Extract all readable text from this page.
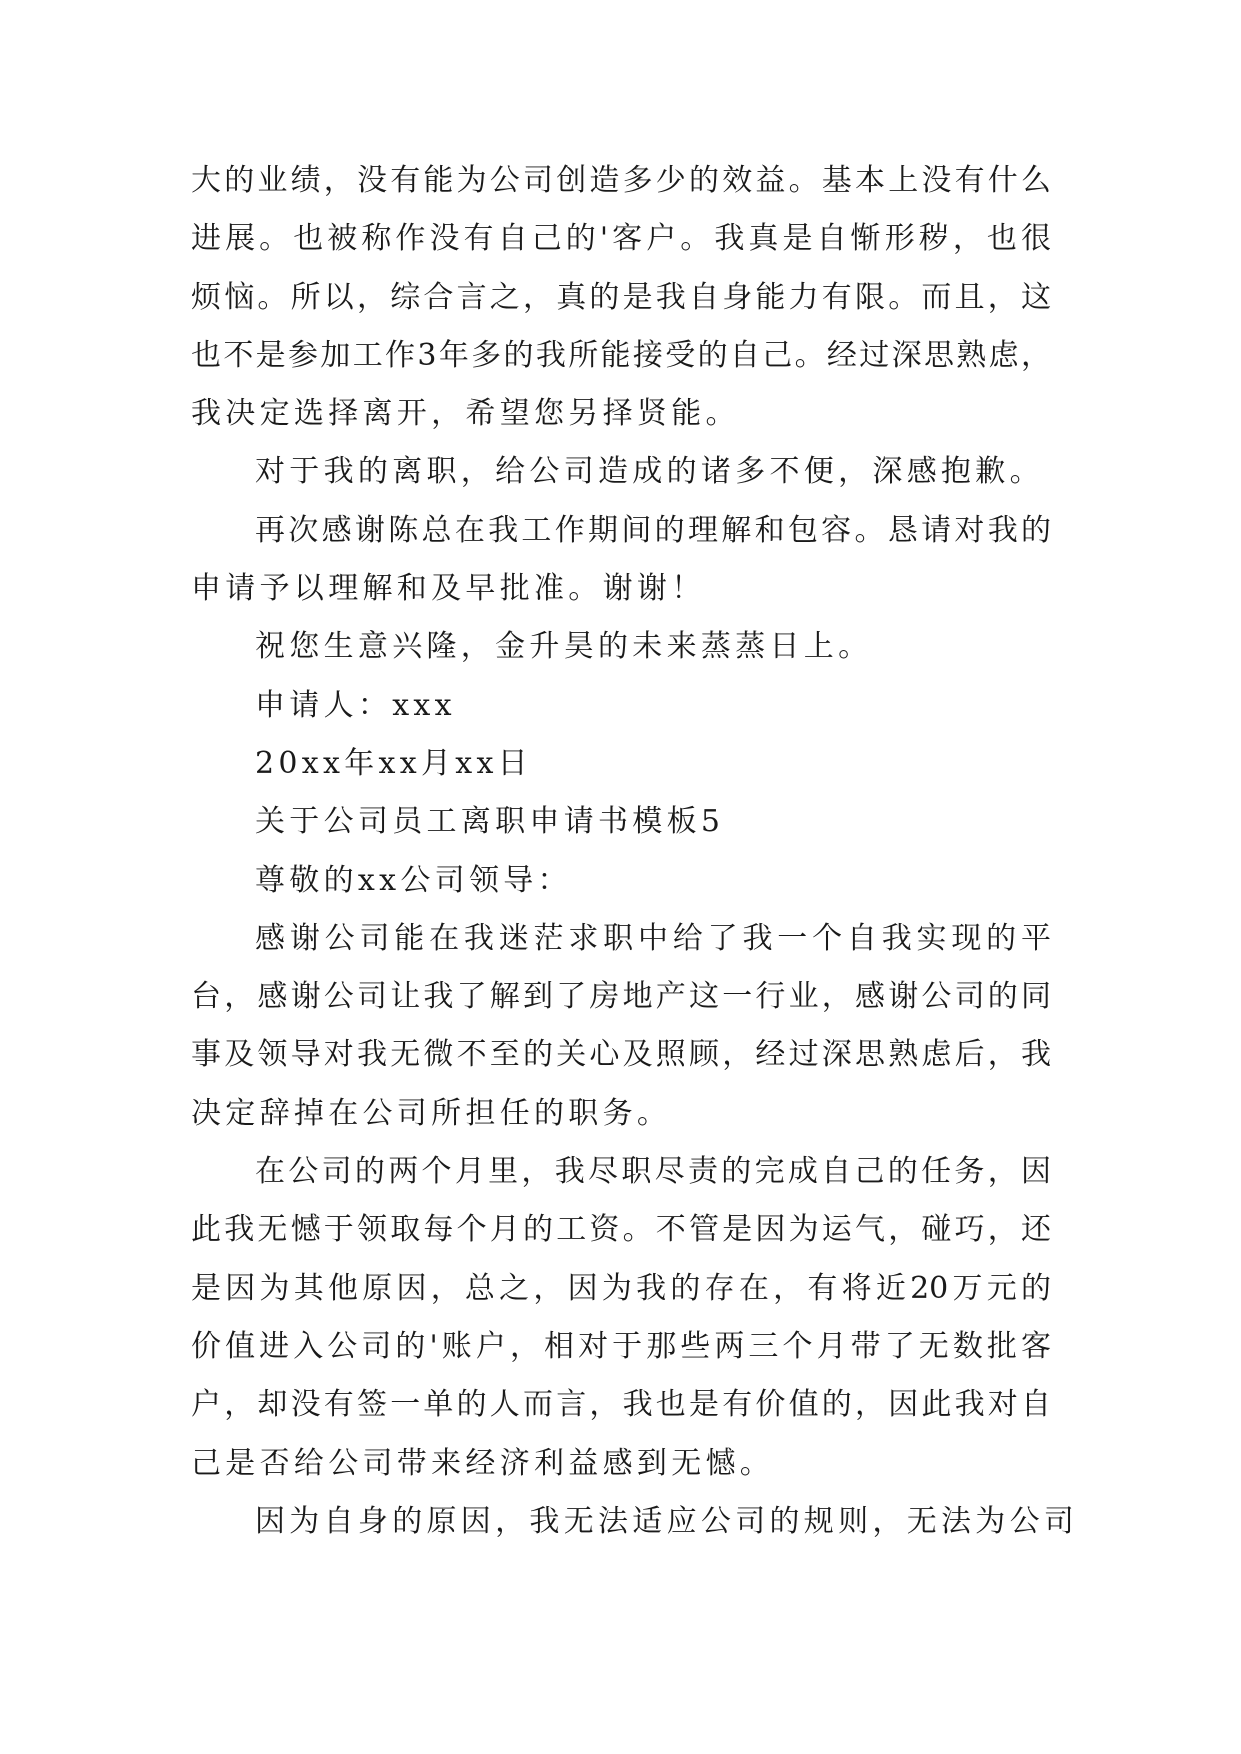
大的业绩，没有能为公司创造多少的效益。基本上没有什么
进展。也被称作没有自己的'客户。我真是自惭形秽，也很
烦恼。所以，综合言之，真的是我自身能力有限。而且，这
也不是参加工作3年多的我所能接受的自己。经过深思熟虑，
我决定选择离开，希望您另择贤能。
对于我的离职，给公司造成的诸多不便，深感抱歉。
再次感谢陈总在我工作期间的理解和包容。恳请对我的
申请予以理解和及早批准。谢谢！
祝您生意兴隆，金升昊的未来蒸蒸日上。
申请人：xxx
20xx年xx月xx日
关于公司员工离职申请书模板5
尊敬的xx公司领导：
感谢公司能在我迷茫求职中给了我一个自我实现的平
台，感谢公司让我了解到了房地产这一行业，感谢公司的同
事及领导对我无微不至的关心及照顾，经过深思熟虑后，我
决定辞掉在公司所担任的职务。
在公司的两个月里，我尽职尽责的完成自己的任务，因
此我无憾于领取每个月的工资。不管是因为运气，碰巧，还
是因为其他原因，总之，因为我的存在，有将近20万元的
价值进入公司的'账户，相对于那些两三个月带了无数批客
户，却没有签一单的人而言，我也是有价值的，因此我对自
己是否给公司带来经济利益感到无憾。
因为自身的原因，我无法适应公司的规则，无法为公司
